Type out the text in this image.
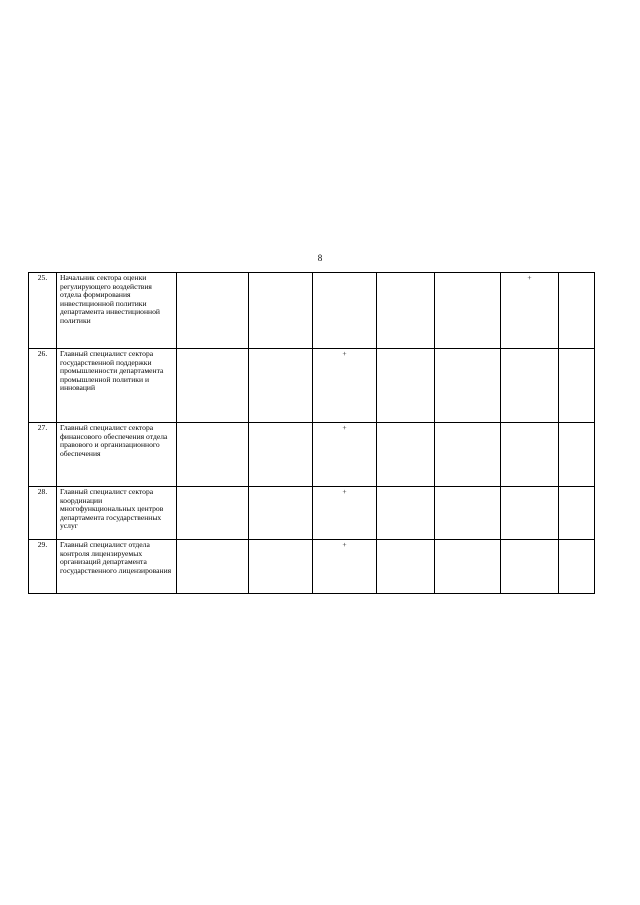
8
25.	Начальник сектора оценки регулирующего воздействия отдела формирования инвестиционной политики департамента инвестиционной политики						+	
26.	Главный специалист сектора государственной поддержки промышленности департамента промышленной политики и инноваций			+				
27.	Главный специалист сектора финансового обеспечения отдела правового и организационного обеспечения			+				
28.	Главный специалист сектора координации многофункциональных центров департамента государственных услуг			+				
29.	Главный специалист отдела контроля лицензируемых организаций департамента государственного лицензирования			+				
